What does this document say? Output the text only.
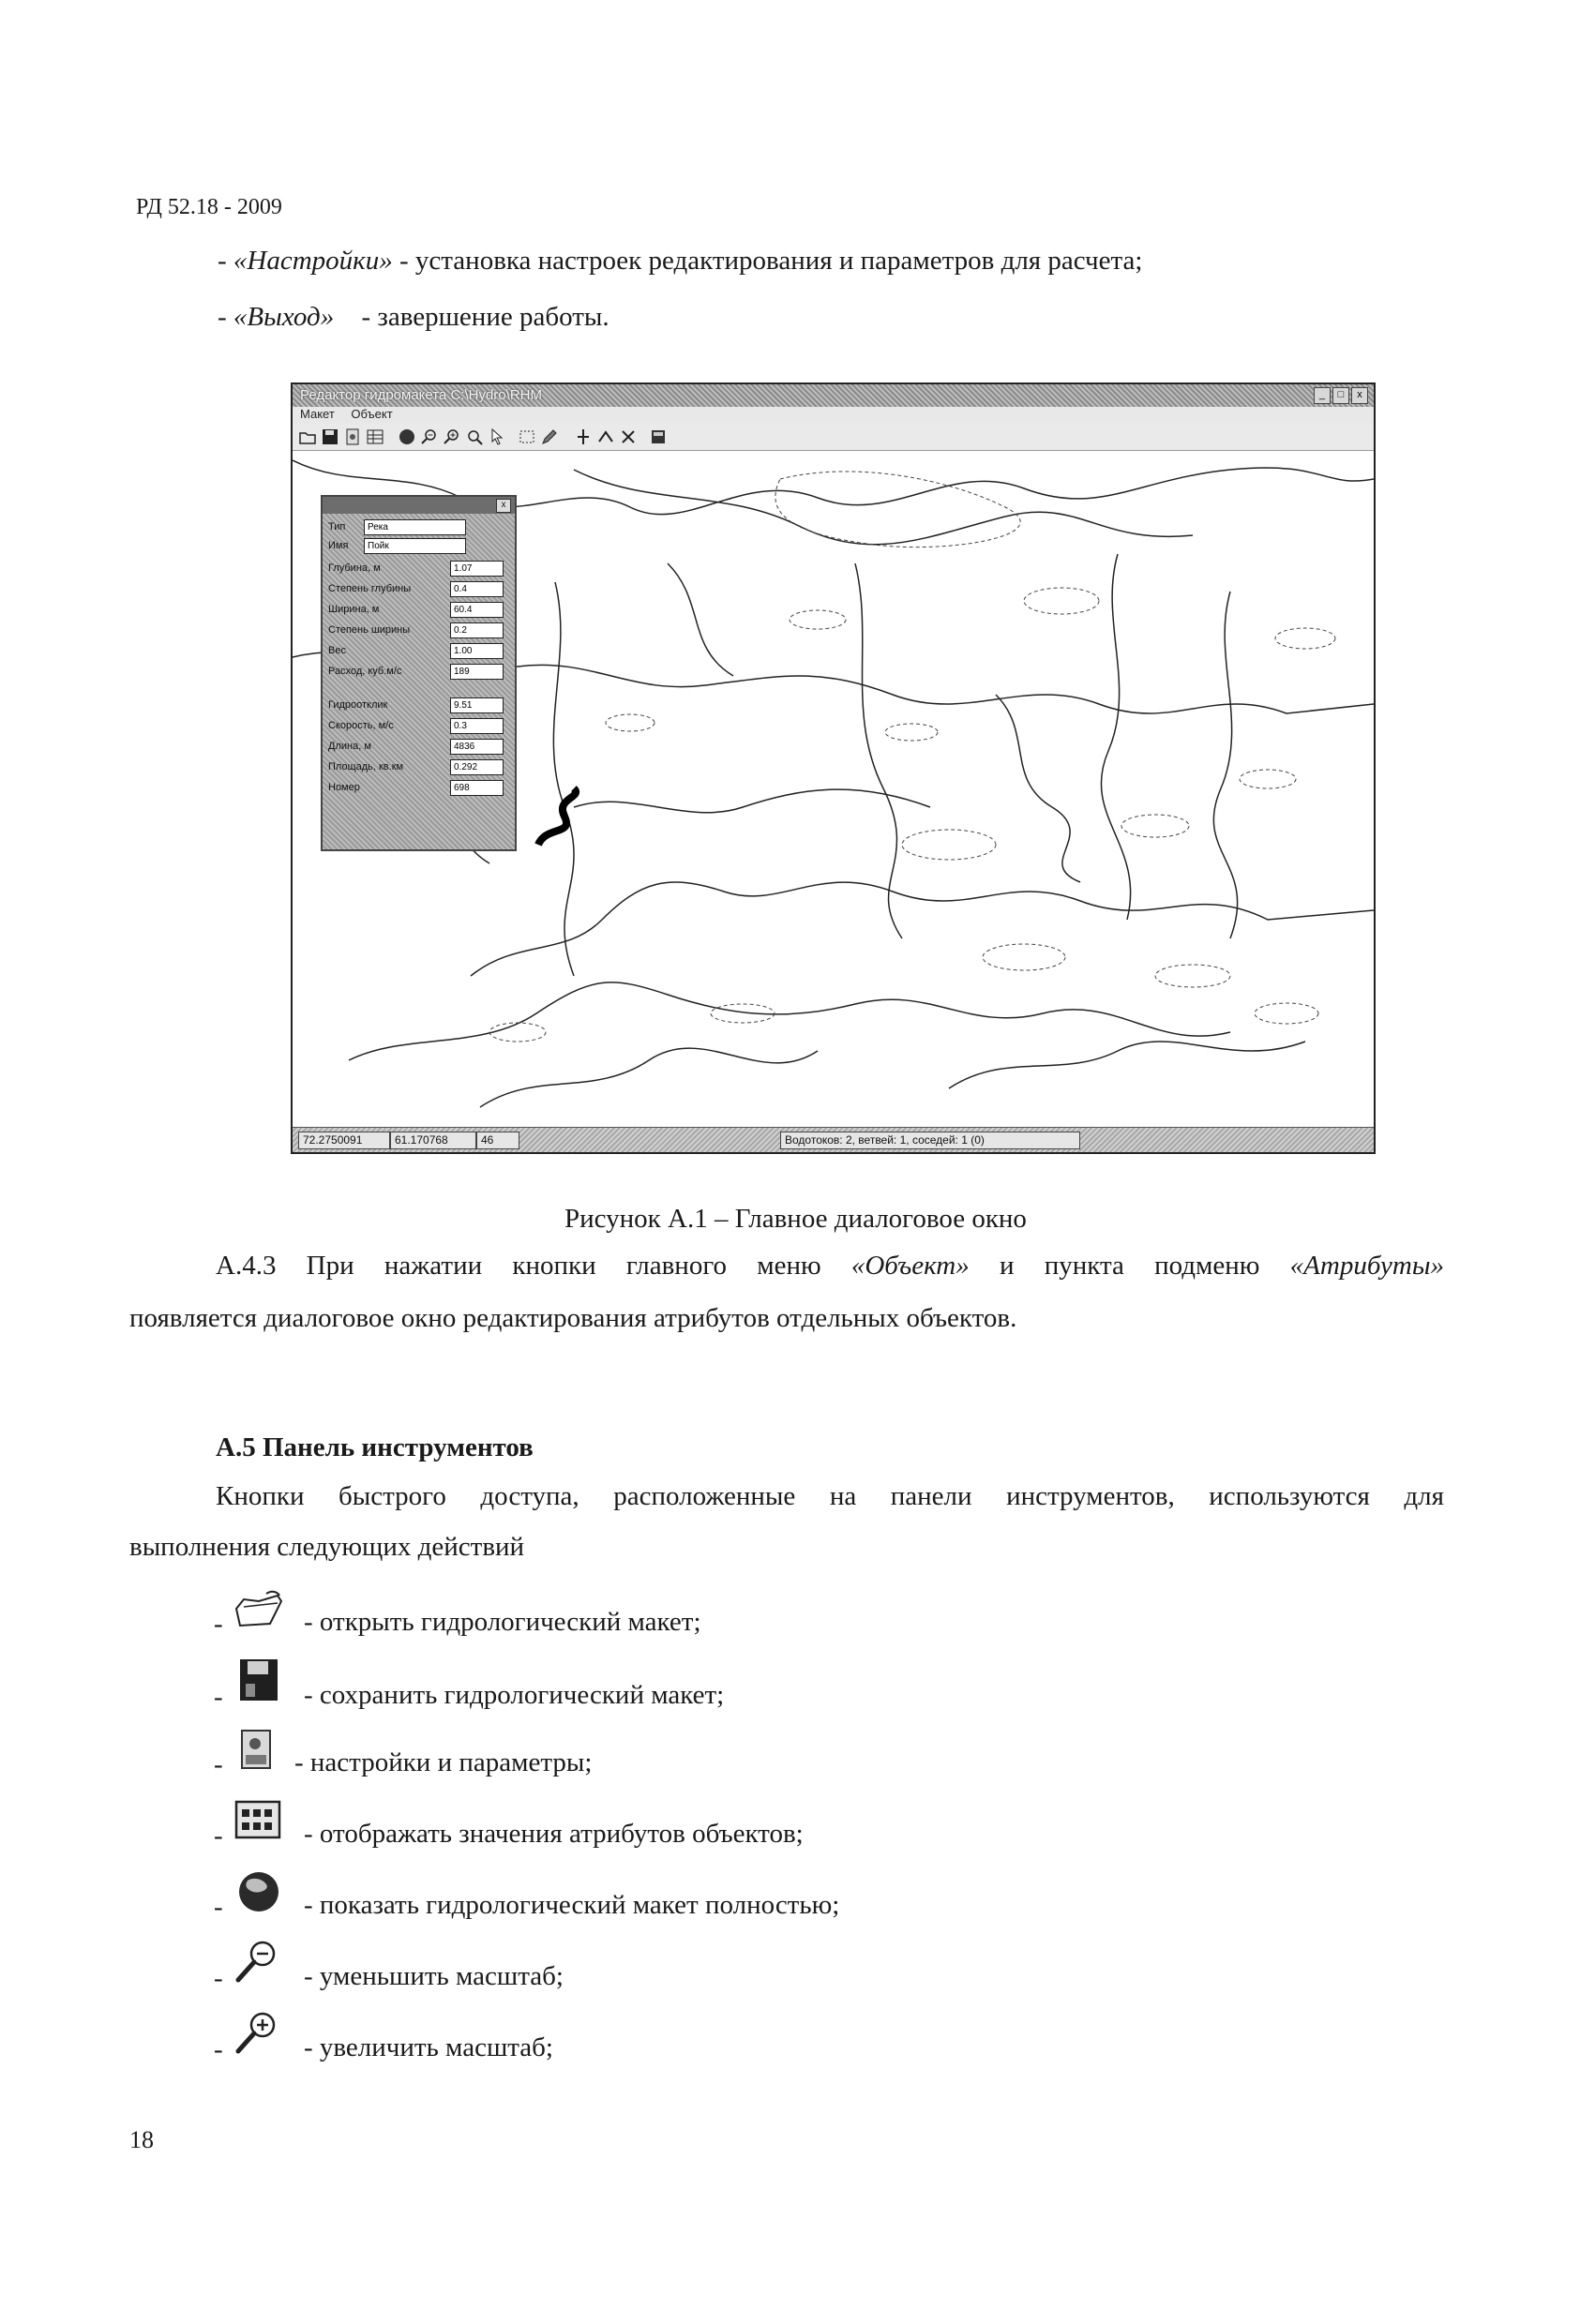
РД 52.18 - 2009
- «Настройки» - установка настроек редактирования и параметров для расчета;
- «Выход» - завершение работы.
Редактор гидромакета С:\Hydro\RHM	_	□	x
Макет Объект
x
Тип	Река
Имя	Пойк
Глубина, м	1.07
Степень глубины	0.4
Ширина, м	60.4
Степень ширины	0.2
Вес	1.00
Расход, куб.м/с	189
Гидроотклик	9.51
Скорость, м/с	0.3
Длина, м	4836
Площадь, кв.км	0.292
Номер	698
72.2750091	61.170768	46	Водотоков: 2, ветвей: 1, соседей: 1 (0)
Рисунок А.1 – Главное диалоговое окно
А.4.3 При нажатии кнопки главного меню «Объект» и пункта подменю «Атрибуты»
появляется диалоговое окно редактирования атрибутов отдельных объектов.
А.5 Панель инструментов
Кнопки быстрого доступа, расположенные на панели инструментов, используются для
выполнения следующих действий
-	- открыть гидрологический макет;
-	- сохранить гидрологический макет;
-	- настройки и параметры;
-	- отображать значения атрибутов объектов;
-	- показать гидрологический макет полностью;
-	- уменьшить масштаб;
-	- увеличить масштаб;
18
